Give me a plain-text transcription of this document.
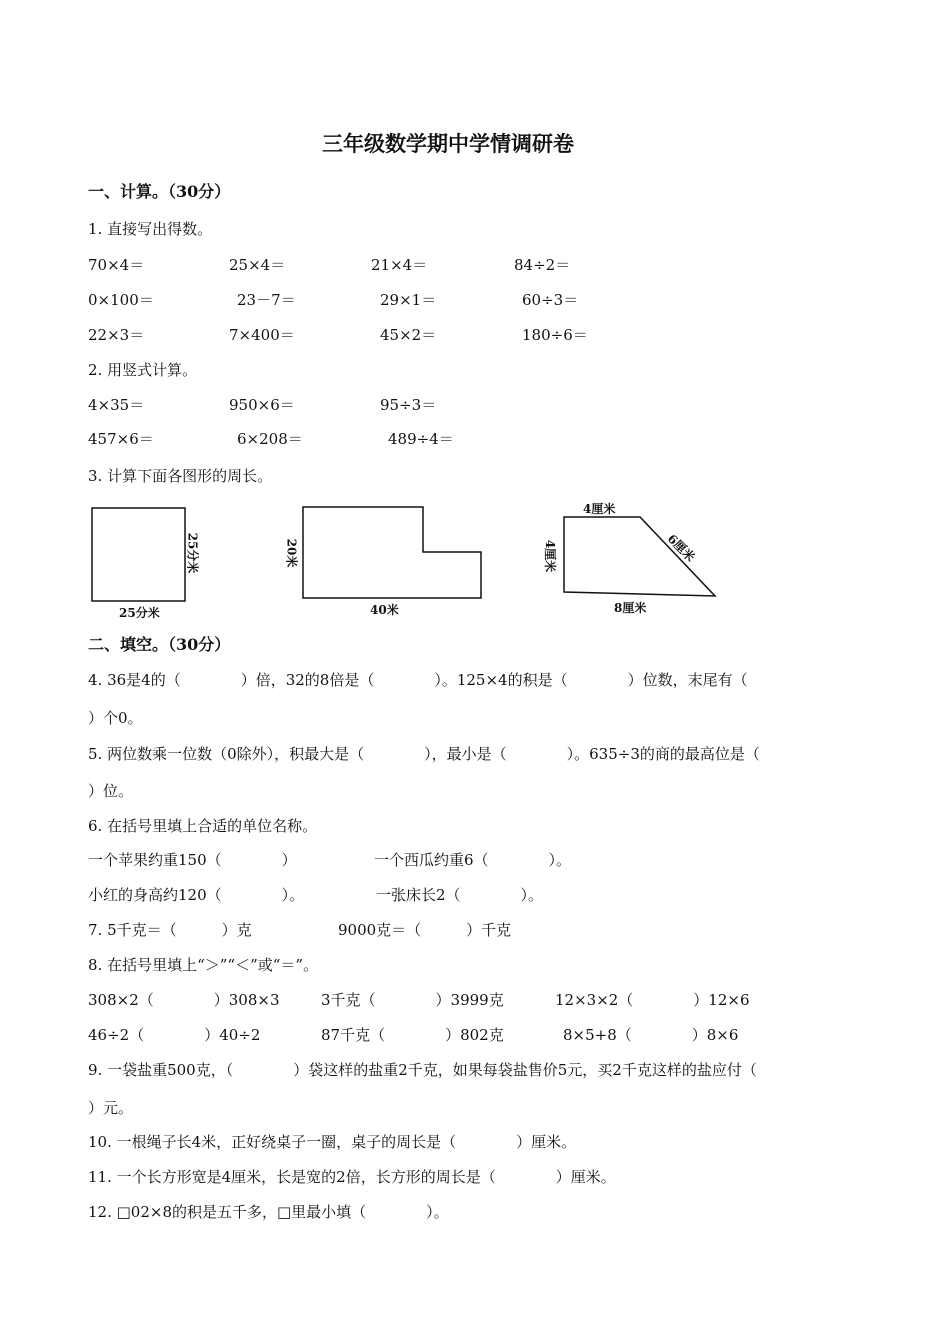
三年级数学期中学情调研卷
一、计算。（30分）
1. 直接写出得数。
70×4＝	25×4＝	21×4＝	84÷2＝
0×100＝	23－7＝	29×1＝	60÷3＝
22×3＝	7×400＝	45×2＝	180÷6＝
2. 用竖式计算。
4×35＝	950×6＝	95÷3＝
457×6＝	6×208＝	489÷4＝
3. 计算下面各图形的周长。
25分米
25分米	20米
40米
4厘米
4厘米	6厘米
8厘米
二、填空。（30分）
4. 36是4的（　　　　）倍，32的8倍是（　　　　）。125×4的积是（　　　　）位数，末尾有（
）个0。
5. 两位数乘一位数（0除外），积最大是（　　　　），最小是（　　　　）。635÷3的商的最高位是（
）位。
6. 在括号里填上合适的单位名称。
一个苹果约重150（　　　　）	一个西瓜约重6（　　　　）。
小红的身高约120（　　　　）。	一张床长2（　　　　）。
7. 5千克＝（　　　）克	9000克＝（　　　）千克
8. 在括号里填上“＞”“＜”或“＝”。
308×2（　　　　）308×3	3千克（　　　　）3999克	12×3×2（　　　　）12×6
46÷2（　　　　）40÷2	87千克（　　　　）802克	8×5+8（　　　　）8×6
9. 一袋盐重500克，（　　　　）袋这样的盐重2千克，如果每袋盐售价5元，买2千克这样的盐应付（
）元。
10. 一根绳子长4米，正好绕桌子一圈，桌子的周长是（　　　　）厘米。
11. 一个长方形宽是4厘米，长是宽的2倍，长方形的周长是（　　　　）厘米。
12. □02×8的积是五千多，□里最小填（　　　　）。
